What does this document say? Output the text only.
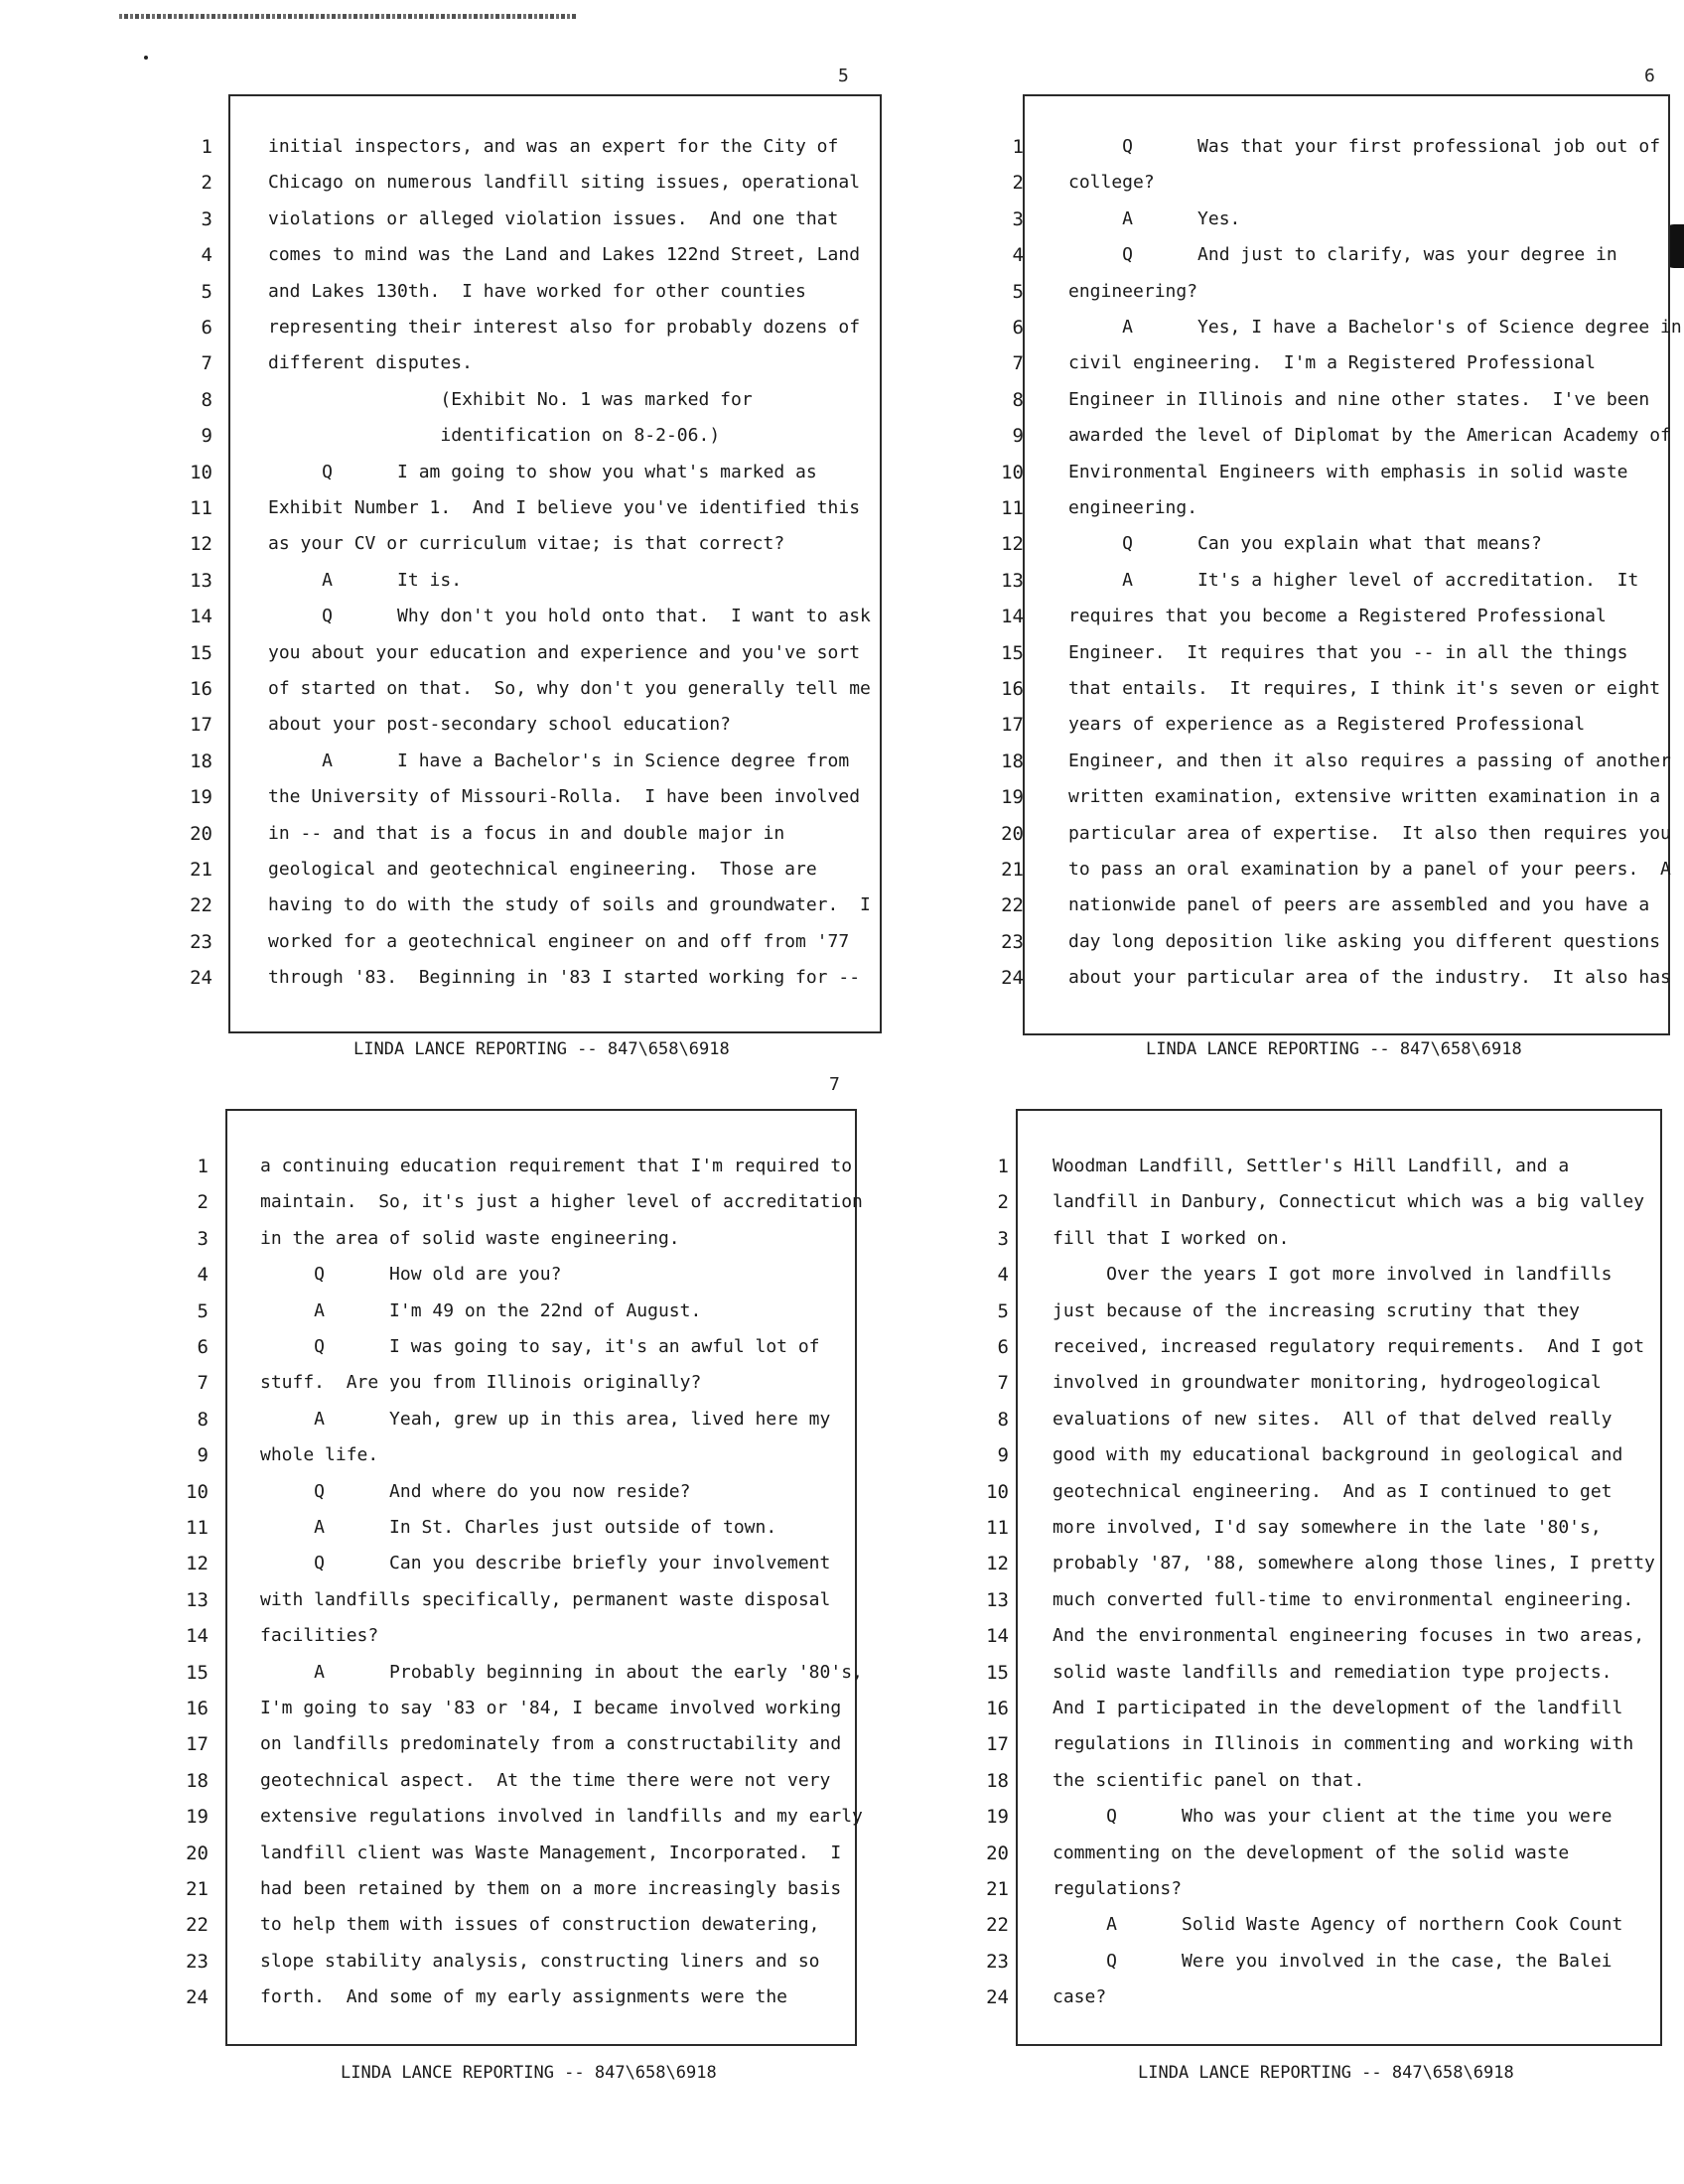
5
1	initial inspectors, and was an expert for the City of
2	Chicago on numerous landfill siting issues, operational
3	violations or alleged violation issues.  And one that
4	comes to mind was the Land and Lakes 122nd Street, Land
5	and Lakes 130th.  I have worked for other counties
6	representing their interest also for probably dozens of
7	different disputes.
8	(Exhibit No. 1 was marked for
9	identification on 8-2-06.)
10	Q      I am going to show you what's marked as
11	Exhibit Number 1.  And I believe you've identified this
12	as your CV or curriculum vitae; is that correct?
13	A      It is.
14	Q      Why don't you hold onto that.  I want to ask
15	you about your education and experience and you've sort
16	of started on that.  So, why don't you generally tell me
17	about your post-secondary school education?
18	A      I have a Bachelor's in Science degree from
19	the University of Missouri-Rolla.  I have been involved
20	in -- and that is a focus in and double major in
21	geological and geotechnical engineering.  Those are
22	having to do with the study of soils and groundwater.  I
23	worked for a geotechnical engineer on and off from '77
24	through '83.  Beginning in '83 I started working for --
LINDA LANCE REPORTING -- 847\658\6918
6
1	Q      Was that your first professional job out of
2	college?
3	A      Yes.
4	Q      And just to clarify, was your degree in
5	engineering?
6	A      Yes, I have a Bachelor's of Science degree in
7	civil engineering.  I'm a Registered Professional
8	Engineer in Illinois and nine other states.  I've been
9	awarded the level of Diplomat by the American Academy of
10	Environmental Engineers with emphasis in solid waste
11	engineering.
12	Q      Can you explain what that means?
13	A      It's a higher level of accreditation.  It
14	requires that you become a Registered Professional
15	Engineer.  It requires that you -- in all the things
16	that entails.  It requires, I think it's seven or eight
17	years of experience as a Registered Professional
18	Engineer, and then it also requires a passing of another
19	written examination, extensive written examination in a
20	particular area of expertise.  It also then requires you
21	to pass an oral examination by a panel of your peers.  A
22	nationwide panel of peers are assembled and you have a
23	day long deposition like asking you different questions
24	about your particular area of the industry.  It also has
LINDA LANCE REPORTING -- 847\658\6918
7
1	a continuing education requirement that I'm required to
2	maintain.  So, it's just a higher level of accreditation
3	in the area of solid waste engineering.
4	Q      How old are you?
5	A      I'm 49 on the 22nd of August.
6	Q      I was going to say, it's an awful lot of
7	stuff.  Are you from Illinois originally?
8	A      Yeah, grew up in this area, lived here my
9	whole life.
10	Q      And where do you now reside?
11	A      In St. Charles just outside of town.
12	Q      Can you describe briefly your involvement
13	with landfills specifically, permanent waste disposal
14	facilities?
15	A      Probably beginning in about the early '80's,
16	I'm going to say '83 or '84, I became involved working
17	on landfills predominately from a constructability and
18	geotechnical aspect.  At the time there were not very
19	extensive regulations involved in landfills and my early
20	landfill client was Waste Management, Incorporated.  I
21	had been retained by them on a more increasingly basis
22	to help them with issues of construction dewatering,
23	slope stability analysis, constructing liners and so
24	forth.  And some of my early assignments were the
LINDA LANCE REPORTING -- 847\658\6918
1 Woodman Landfill, Settler's Hill Landfill, and a
2 landfill in Danbury, Connecticut which was a big valley
3 fill that I worked on.
4 Over the years I got more involved in landfills
5 just because of the increasing scrutiny that they
6 received, increased regulatory requirements.  And I got
7 involved in groundwater monitoring, hydrogeological
8 evaluations of new sites.  All of that delved really
9 good with my educational background in geological and
10 geotechnical engineering.  And as I continued to get
11 more involved, I'd say somewhere in the late '80's,
12 probably '87, '88, somewhere along those lines, I pretty
13 much converted full-time to environmental engineering.
14 And the environmental engineering focuses in two areas,
15 solid waste landfills and remediation type projects.
16 And I participated in the development of the landfill
17 regulations in Illinois in commenting and working with
18 the scientific panel on that.
19 Q      Who was your client at the time you were
20 commenting on the development of the solid waste
21 regulations?
22 A      Solid Waste Agency of northern Cook Count
23 Q      Were you involved in the case, the Balei
24 case?
LINDA LANCE REPORTING -- 847\658\6918
